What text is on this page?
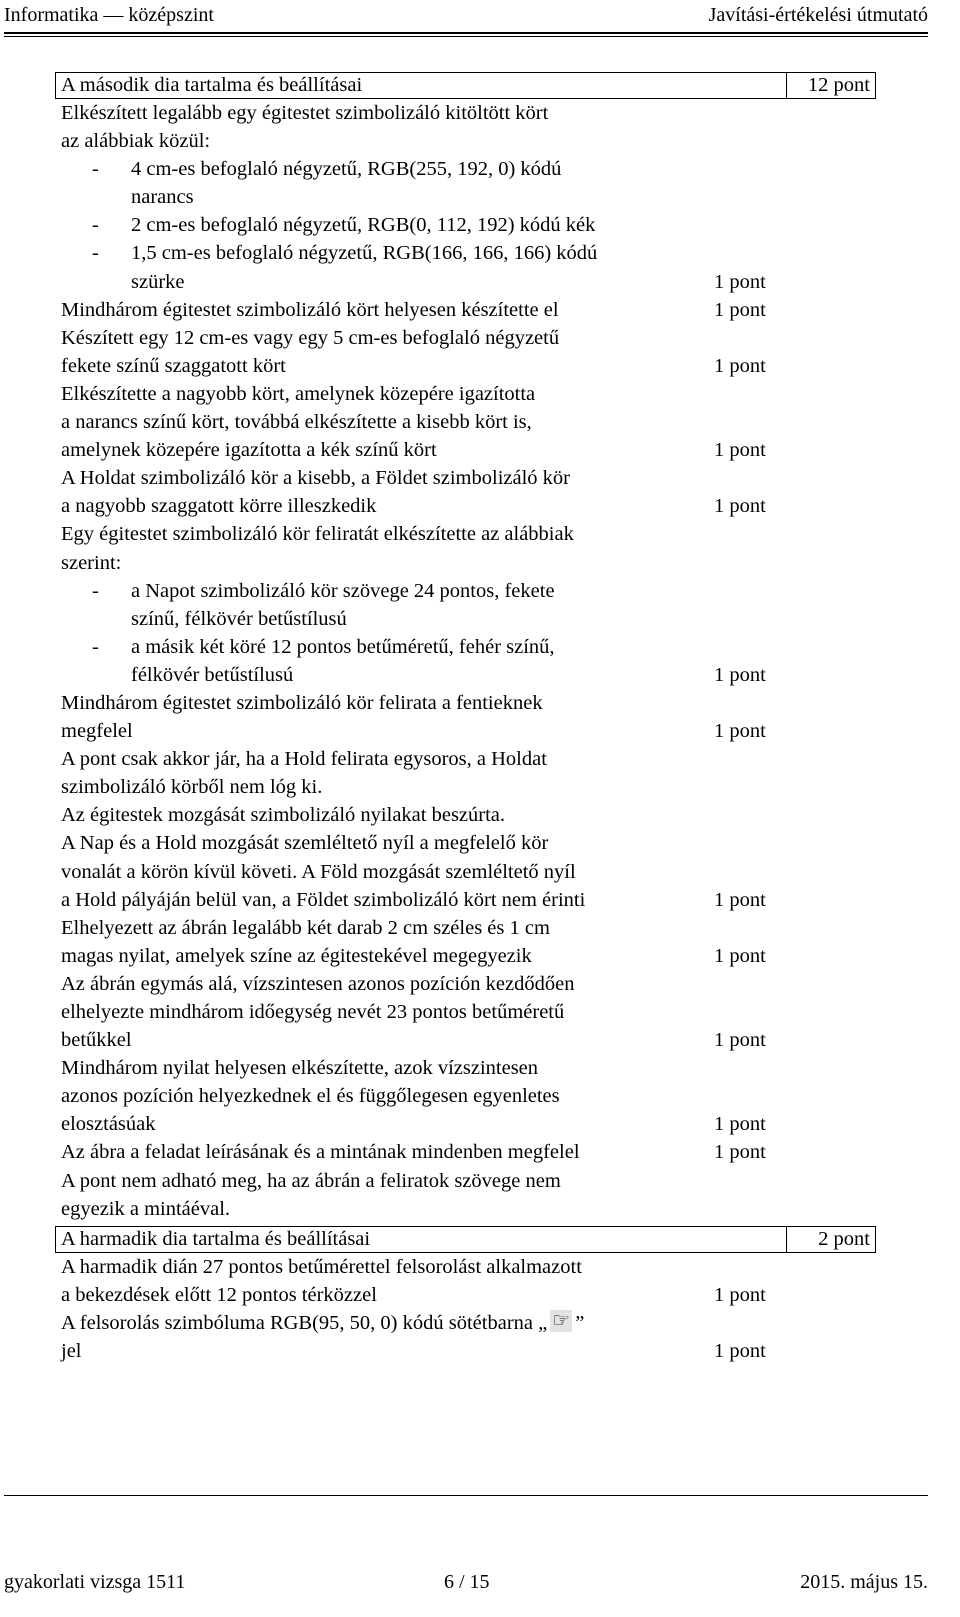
Informatika — középszint	Javítási-értékelési útmutató
A második dia tartalma és beállításai	12 pont
Elkészített legalább egy égitestet szimbolizáló kitöltött kört
az alábbiak közül:
- 4 cm-es befoglaló négyzetű, RGB(255, 192, 0) kódú
narancs
- 2 cm-es befoglaló négyzetű, RGB(0, 112, 192) kódú kék
- 1,5 cm-es befoglaló négyzetű, RGB(166, 166, 166) kódú
szürke	1 pont
Mindhárom égitestet szimbolizáló kört helyesen készítette el	1 pont
Készített egy 12 cm-es vagy egy 5 cm-es befoglaló négyzetű
fekete színű szaggatott kört	1 pont
Elkészítette a nagyobb kört, amelynek közepére igazította
a narancs színű kört, továbbá elkészítette a kisebb kört is,
amelynek közepére igazította a kék színű kört	1 pont
A Holdat szimbolizáló kör a kisebb, a Földet szimbolizáló kör
a nagyobb szaggatott körre illeszkedik	1 pont
Egy égitestet szimbolizáló kör feliratát elkészítette az alábbiak
szerint:
- a Napot szimbolizáló kör szövege 24 pontos, fekete
színű, félkövér betűstílusú
- a másik két köré 12 pontos betűméretű, fehér színű,
félkövér betűstílusú	1 pont
Mindhárom égitestet szimbolizáló kör felirata a fentieknek
megfelel	1 pont
A pont csak akkor jár, ha a Hold felirata egysoros, a Holdat
szimbolizáló körből nem lóg ki.
Az égitestek mozgását szimbolizáló nyilakat beszúrta.
A Nap és a Hold mozgását szemléltető nyíl a megfelelő kör
vonalát a körön kívül követi. A Föld mozgását szemléltető nyíl
a Hold pályáján belül van, a Földet szimbolizáló kört nem érinti	1 pont
Elhelyezett az ábrán legalább két darab 2 cm széles és 1 cm
magas nyilat, amelyek színe az égitestekével megegyezik	1 pont
Az ábrán egymás alá, vízszintesen azonos pozíción kezdődően
elhelyezte mindhárom időegység nevét 23 pontos betűméretű
betűkkel	1 pont
Mindhárom nyilat helyesen elkészítette, azok vízszintesen
azonos pozíción helyezkednek el és függőlegesen egyenletes
elosztásúak	1 pont
Az ábra a feladat leírásának és a mintának mindenben megfelel	1 pont
A pont nem adható meg, ha az ábrán a feliratok szövege nem
egyezik a mintáéval.
A harmadik dia tartalma és beállításai	2 pont
A harmadik dián 27 pontos betűmérettel felsorolást alkalmazott
a bekezdések előtt 12 pontos térközzel	1 pont
A felsorolás szimbóluma RGB(95, 50, 0) kódú sötétbarna „☞ ”
jel	1 pont
gyakorlati vizsga 1511	6 / 15	2015. május 15.
